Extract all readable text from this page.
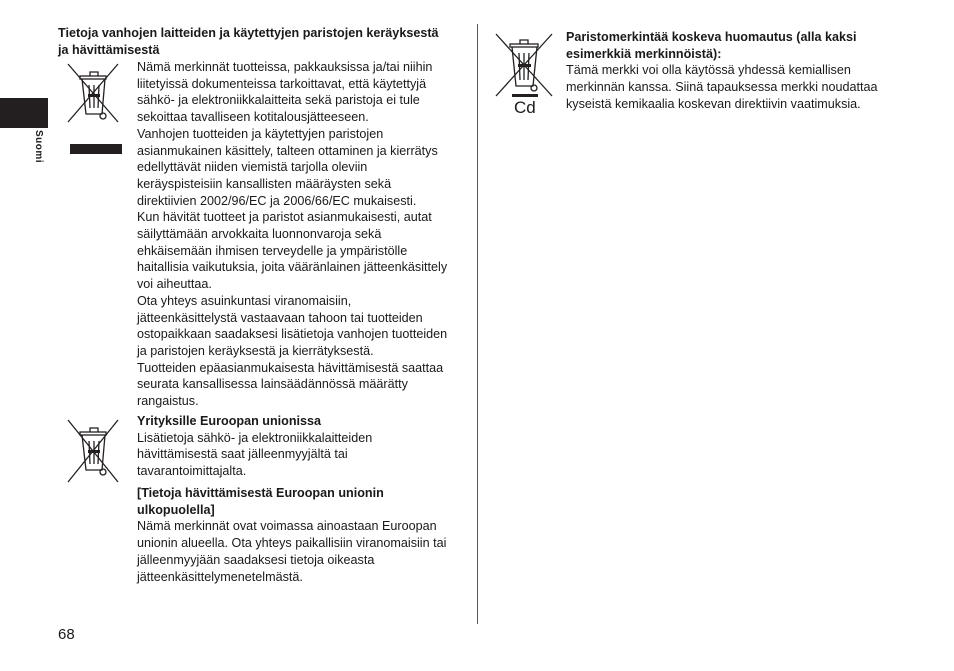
Suomi
Tietoja vanhojen laitteiden ja käytettyjen paristojen keräyksestä
ja hävittämisestä
Nämä merkinnät tuotteissa, pakkauksissa ja/tai niihin
liitetyissä dokumenteissa tarkoittavat, että käytettyjä
sähkö- ja elektroniikkalaitteita sekä paristoja ei tule
sekoittaa tavalliseen kotitalousjätteeseen.
Vanhojen tuotteiden ja käytettyjen paristojen
asianmukainen käsittely, talteen ottaminen ja kierrätys
edellyttävät niiden viemistä tarjolla oleviin
keräyspisteisiin kansallisten määräysten sekä
direktiivien 2002/96/EC ja 2006/66/EC mukaisesti.
Kun hävität tuotteet ja paristot asianmukaisesti, autat
säilyttämään arvokkaita luonnonvaroja sekä
ehkäisemään ihmisen terveydelle ja ympäristölle
haitallisia vaikutuksia, joita vääränlainen jätteenkäsittely
voi aiheuttaa.
Ota yhteys asuinkuntasi viranomaisiin,
jätteenkäsittelystä vastaavaan tahoon tai tuotteiden
ostopaikkaan saadaksesi lisätietoja vanhojen tuotteiden
ja paristojen keräyksestä ja kierrätyksestä.
Tuotteiden epäasianmukaisesta hävittämisestä saattaa
seurata kansallisessa lainsäädännössä määrätty
rangaistus.
Yrityksille Euroopan unionissa
Lisätietoja sähkö- ja elektroniikkalaitteiden
hävittämisestä saat jälleenmyyjältä tai
tavarantoimittajalta.
[Tietoja hävittämisestä Euroopan unionin
ulkopuolella]
Nämä merkinnät ovat voimassa ainoastaan Euroopan
unionin alueella. Ota yhteys paikallisiin viranomaisiin tai
jälleenmyyjään saadaksesi tietoja oikeasta
jätteenkäsittelymenetelmästä.
Cd
Paristomerkintää koskeva huomautus (alla kaksi
esimerkkiä merkinnöistä):
Tämä merkki voi olla käytössä yhdessä kemiallisen
merkinnän kanssa. Siinä tapauksessa merkki noudattaa
kyseistä kemikaalia koskevan direktiivin vaatimuksia.
68
